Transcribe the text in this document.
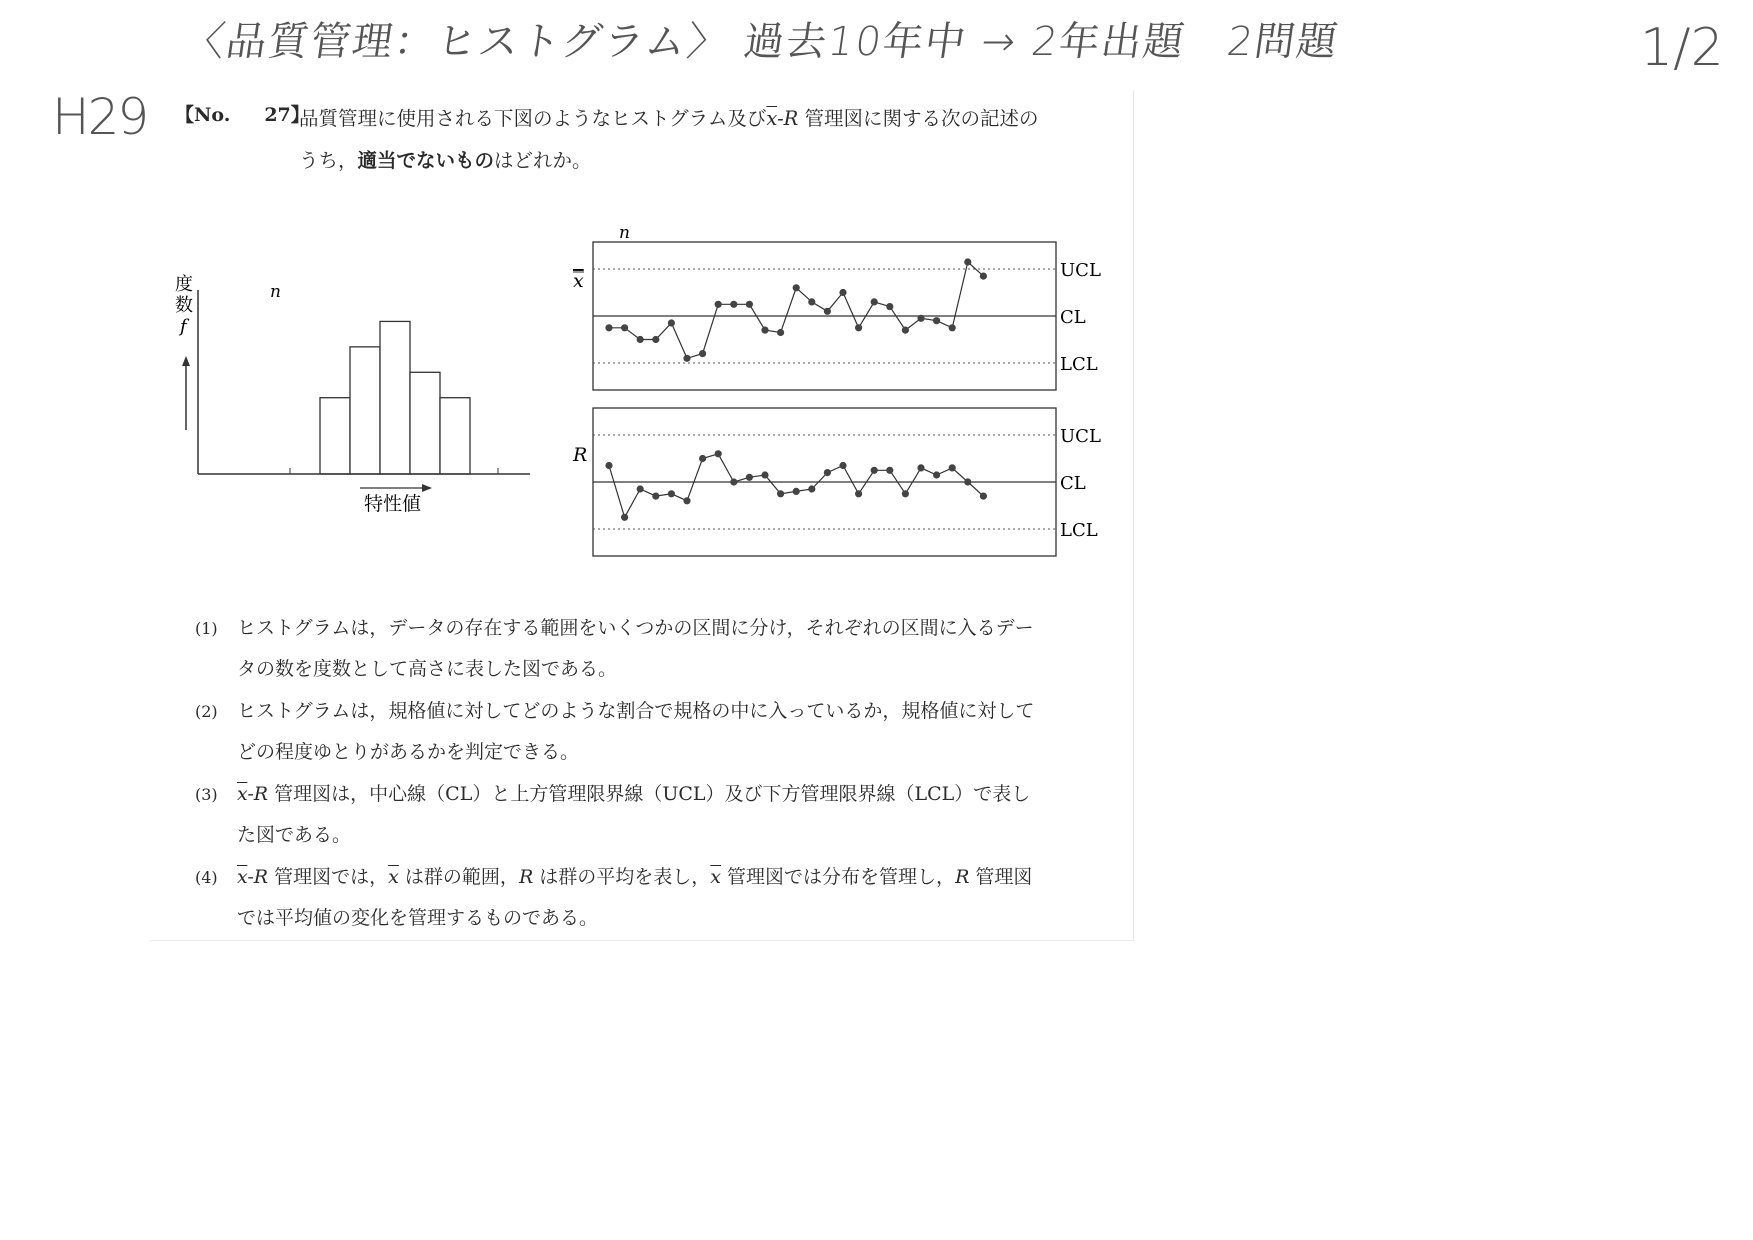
〈品質管理：ヒストグラム〉 過去10年中 → 2年出題　2問題	1/2
H29 【No. 27】
品質管理に使用される下図のようなヒストグラム及び$\overline{x}-R$ 管理図に関する次の記述の
うち，適当でないものはどれか。
度
数
f
n
特性値
n
x	UCL
CL
LCL
R
UCL
CL
LCL
(1) ヒストグラムは，データの存在する範囲をいくつかの区間に分け，それぞれの区間に入るデー
タの数を度数として高さに表した図である。
(2) ヒストグラムは，規格値に対してどのような割合で規格の中に入っているか，規格値に対して
どの程度ゆとりがあるかを判定できる。
(3) $\overline{x}-R$ 管理図は，中心線（CL）と上方管理限界線（UCL）及び下方管理限界線（LCL）で表し
た図である。
(4) $\overline{x}-R$ 管理図では，$\overline{x}$ は群の範囲，R は群の平均を表し，$\overline{x}$ 管理図では分布を管理し，R 管理図
では平均値の変化を管理するものである。
